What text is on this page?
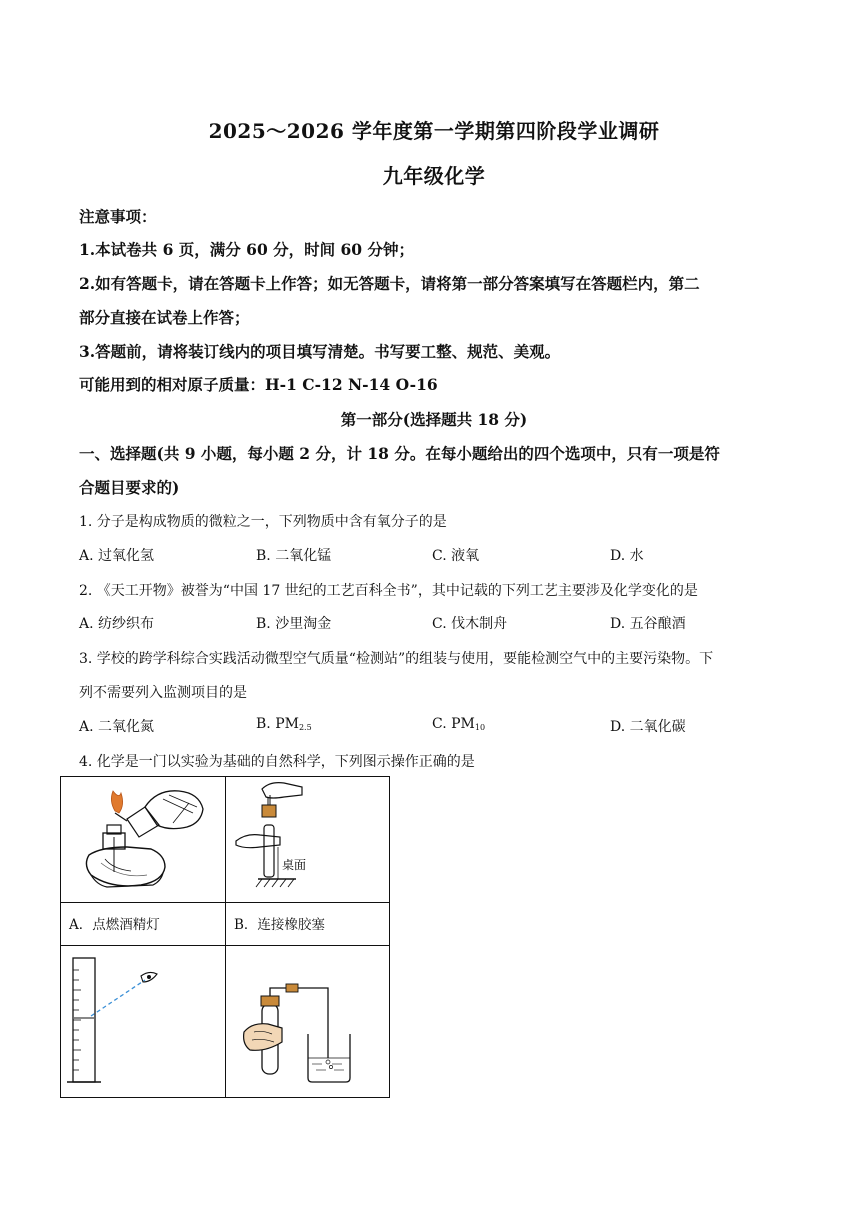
2025～2026 学年度第一学期第四阶段学业调研
九年级化学
注意事项：
1.本试卷共 6 页，满分 60 分，时间 60 分钟；
2.如有答题卡，请在答题卡上作答；如无答题卡，请将第一部分答案填写在答题栏内，第二
部分直接在试卷上作答；
3.答题前，请将装订线内的项目填写清楚。书写要工整、规范、美观。
可能用到的相对原子质量：H-1 C-12 N-14 O-16
第一部分(选择题共 18 分)
一、选择题(共 9 小题，每小题 2 分，计 18 分。在每小题给出的四个选项中，只有一项是符
合题目要求的)
1. 分子是构成物质的微粒之一，下列物质中含有氧分子的是
A. 过氧化氢	B. 二氧化锰	C. 液氧	D. 水
2. 《天工开物》被誉为“中国 17 世纪的工艺百科全书”，其中记载的下列工艺主要涉及化学变化的是
A. 纺纱织布	B. 沙里淘金	C. 伐木制舟	D. 五谷酿酒
3. 学校的跨学科综合实践活动微型空气质量“检测站”的组装与使用，要能检测空气中的主要污染物。下
列不需要列入监测项目的是
A. 二氧化氮	B. $PM_{2.5}$	C. $PM_{10}$	D. 二氧化碳
4. 化学是一门以实验为基础的自然科学，下列图示操作正确的是
桌面
A．点燃酒精灯	B．连接橡胶塞
